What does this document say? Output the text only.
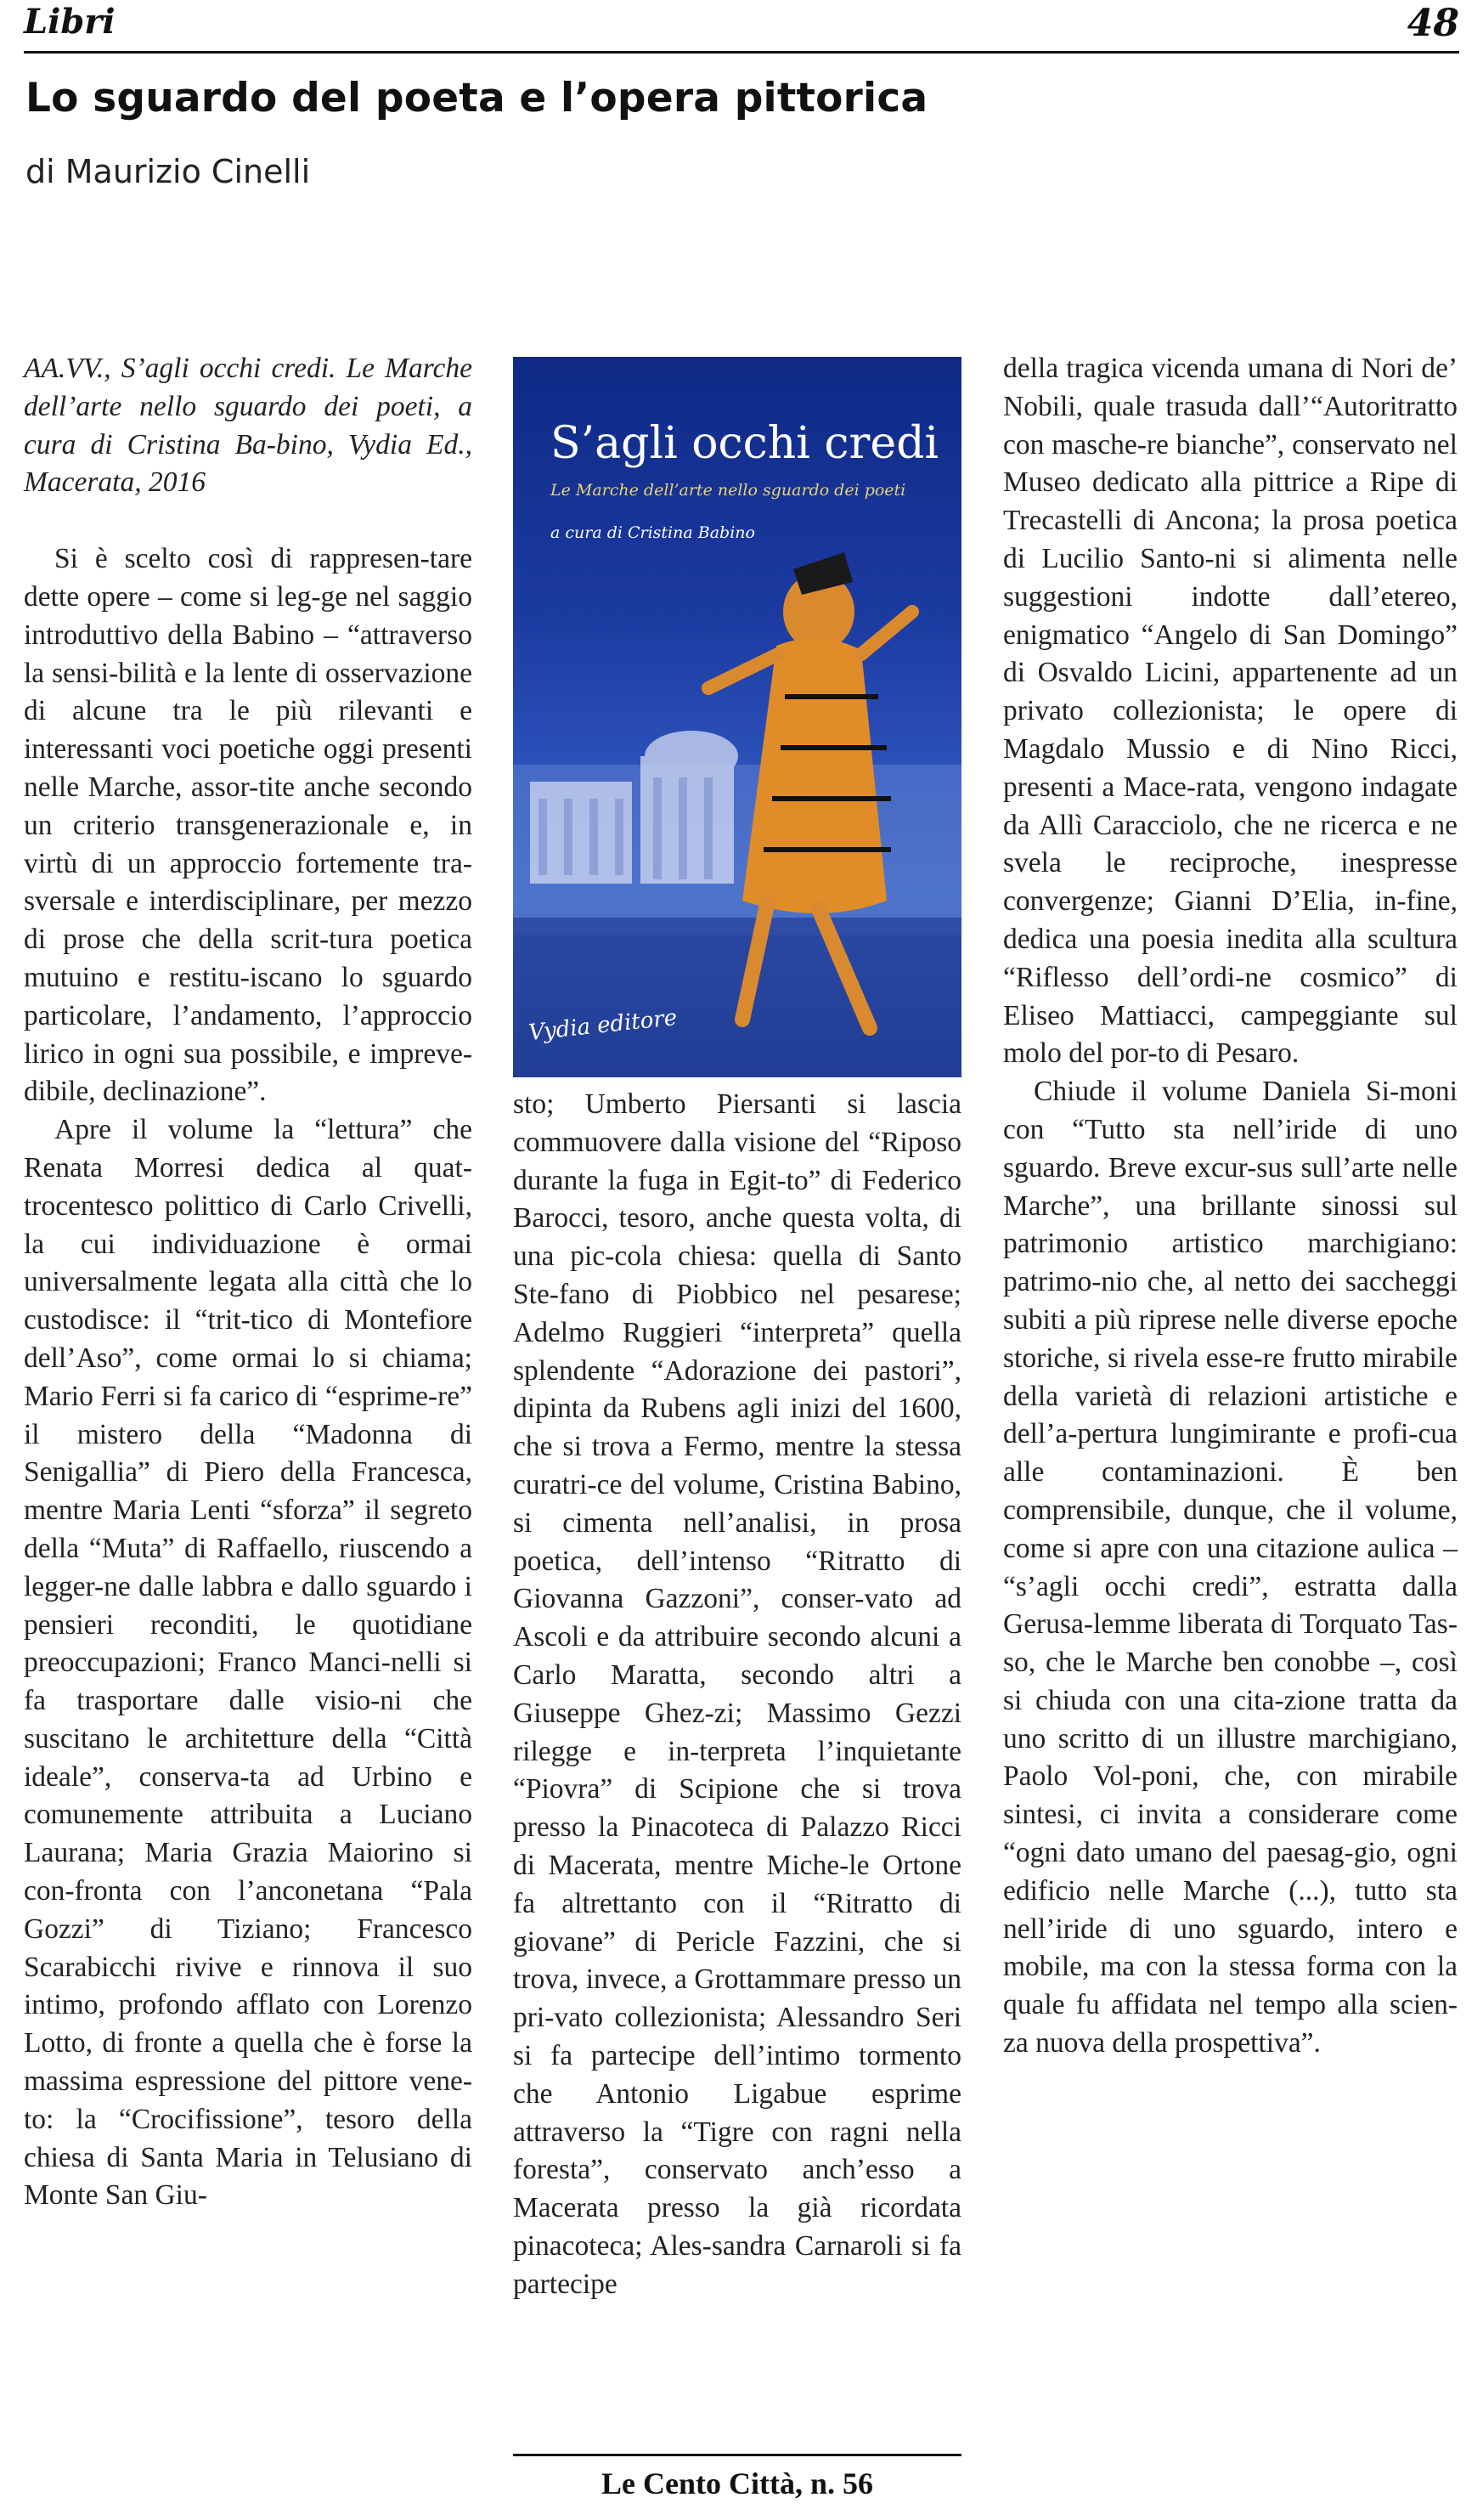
Libri	48
Lo sguardo del poeta e l’opera pittorica
di Maurizio Cinelli

AA.VV., S’agli occhi credi. Le Marche dell’arte nello sguardo dei poeti, a cura di Cristina Ba-bino, Vydia Ed., Macerata, 2016

Si è scelto così di rappresen-tare dette opere – come si leg-ge nel saggio introduttivo della Babino – “attraverso la sensi-bilità e la lente di osservazione di alcune tra le più rilevanti e interessanti voci poetiche oggi presenti nelle Marche, assor-tite anche secondo un criterio transgenerazionale e, in virtù di un approccio fortemente tra-sversale e interdisciplinare, per mezzo di prose che della scrit-tura poetica mutuino e restitu-iscano lo sguardo particolare, l’andamento, l’approccio lirico in ogni sua possibile, e impreve-dibile, declinazione”.

Apre il volume la “lettura” che Renata Morresi dedica al quat-trocentesco polittico di Carlo Crivelli, la cui individuazione è ormai universalmente legata alla città che lo custodisce: il “trit-tico di Montefiore dell’Aso”, come ormai lo si chiama; Mario Ferri si fa carico di “esprime-re” il mistero della “Madonna di Senigallia” di Piero della Francesca, mentre Maria Lenti “sforza” il segreto della “Muta” di Raffaello, riuscendo a legger-ne dalle labbra e dallo sguardo i pensieri reconditi, le quotidiane preoccupazioni; Franco Manci-nelli si fa trasportare dalle visio-ni che suscitano le architetture della “Città ideale”, conserva-ta ad Urbino e comunemente attribuita a Luciano Laurana; Maria Grazia Maiorino si con-fronta con l’anconetana “Pala Gozzi” di Tiziano; Francesco Scarabicchi rivive e rinnova il suo intimo, profondo afflato con Lorenzo Lotto, di fronte a quella che è forse la massima espressione del pittore vene-to: la “Crocifissione”, tesoro della chiesa di Santa Maria in Telusiano di Monte San Giu-

S’agli occhi credi
Le Marche dell’arte nello sguardo dei poeti
a cura di Cristina Babino
Vydia editore

sto; Umberto Piersanti si lascia commuovere dalla visione del “Riposo durante la fuga in Egit-to” di Federico Barocci, tesoro, anche questa volta, di una pic-cola chiesa: quella di Santo Ste-fano di Piobbico nel pesarese; Adelmo Ruggieri “interpreta” quella splendente “Adorazione dei pastori”, dipinta da Rubens agli inizi del 1600, che si trova a Fermo, mentre la stessa curatri-ce del volume, Cristina Babino, si cimenta nell’analisi, in prosa poetica, dell’intenso “Ritratto di Giovanna Gazzoni”, conser-vato ad Ascoli e da attribuire secondo alcuni a Carlo Maratta, secondo altri a Giuseppe Ghez-zi; Massimo Gezzi rilegge e in-terpreta l’inquietante “Piovra” di Scipione che si trova presso la Pinacoteca di Palazzo Ricci di Macerata, mentre Miche-le Ortone fa altrettanto con il “Ritratto di giovane” di Pericle Fazzini, che si trova, invece, a Grottammare presso un pri-vato collezionista; Alessandro Seri si fa partecipe dell’intimo tormento che Antonio Ligabue esprime attraverso la “Tigre con ragni nella foresta”, conservato anch’esso a Macerata presso la già ricordata pinacoteca; Ales-sandra Carnaroli si fa partecipe

della tragica vicenda umana di Nori de’ Nobili, quale trasuda dall’“Autoritratto con masche-re bianche”, conservato nel Museo dedicato alla pittrice a Ripe di Trecastelli di Ancona; la prosa poetica di Lucilio Santo-ni si alimenta nelle suggestioni indotte dall’etereo, enigmatico “Angelo di San Domingo” di Osvaldo Licini, appartenente ad un privato collezionista; le opere di Magdalo Mussio e di Nino Ricci, presenti a Mace-rata, vengono indagate da Allì Caracciolo, che ne ricerca e ne svela le reciproche, inespresse convergenze; Gianni D’Elia, in-fine, dedica una poesia inedita alla scultura “Riflesso dell’ordi-ne cosmico” di Eliseo Mattiacci, campeggiante sul molo del por-to di Pesaro.

Chiude il volume Daniela Si-moni con “Tutto sta nell’iride di uno sguardo. Breve excur-sus sull’arte nelle Marche”, una brillante sinossi sul patrimonio artistico marchigiano: patrimo-nio che, al netto dei saccheggi subiti a più riprese nelle diverse epoche storiche, si rivela esse-re frutto mirabile della varietà di relazioni artistiche e dell’a-pertura lungimirante e profi-cua alle contaminazioni. È ben comprensibile, dunque, che il volume, come si apre con una citazione aulica – “s’agli occhi credi”, estratta dalla Gerusa-lemme liberata di Torquato Tas-so, che le Marche ben conobbe –, così si chiuda con una cita-zione tratta da uno scritto di un illustre marchigiano, Paolo Vol-poni, che, con mirabile sintesi, ci invita a considerare come “ogni dato umano del paesag-gio, ogni edificio nelle Marche (...), tutto sta nell’iride di uno sguardo, intero e mobile, ma con la stessa forma con la quale fu affidata nel tempo alla scien-za nuova della prospettiva”.

Le Cento Città, n. 56
